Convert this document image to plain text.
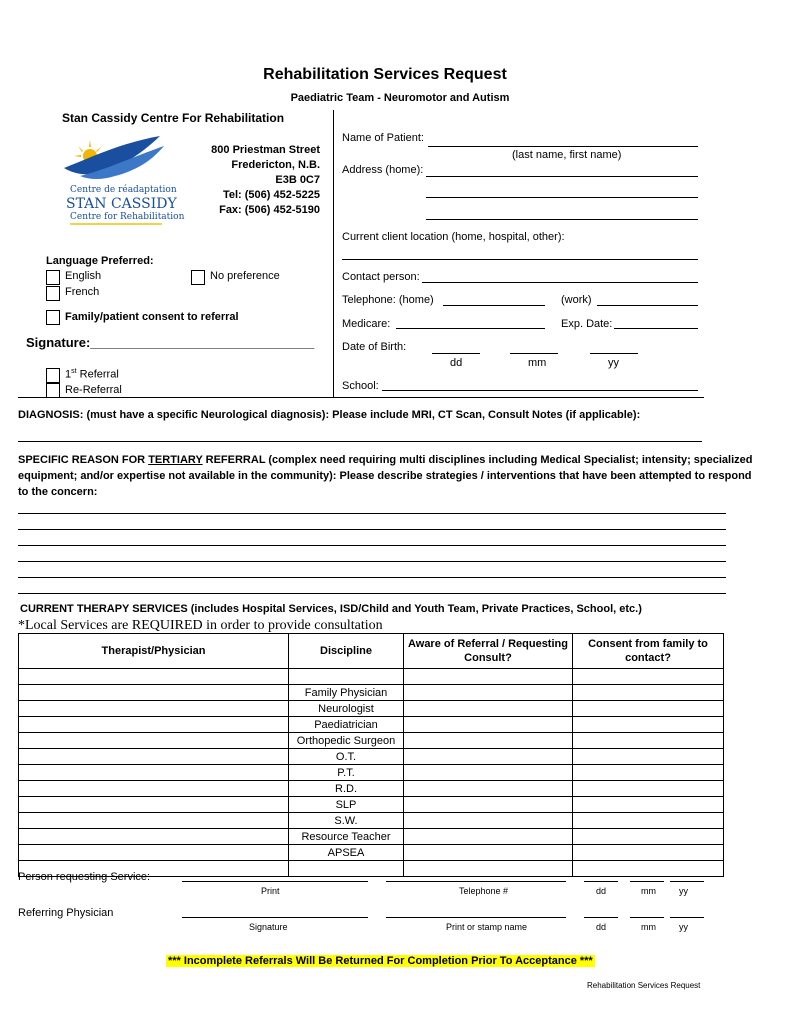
Rehabilitation Services Request
Paediatric Team - Neuromotor and Autism
Stan Cassidy Centre For Rehabilitation
Centre de réadaptation
STAN CASSIDY
Centre for Rehabilitation
800 Priestman Street
Fredericton, N.B.
E3B 0C7
Tel: (506) 452-5225
Fax: (506) 452-5190
Name of Patient:
(last name, first name)
Address (home):
Current client location (home, hospital, other):
Contact person:
Telephone: (home)	(work)
Medicare:	Exp. Date:
Date of Birth:
dd	mm	yy
School:
Language Preferred:
English
French
No preference
Family/patient consent to referral
Signature:_______________________________
1st Referral
Re-Referral
DIAGNOSIS: (must have a specific Neurological diagnosis): Please include MRI, CT Scan, Consult Notes (if applicable):
SPECIFIC REASON FOR TERTIARY REFERRAL (complex need requiring multi disciplines including Medical Specialist; intensity; specialized equipment; and/or expertise not available in the community): Please describe strategies / interventions that have been attempted to respond to the concern:
CURRENT THERAPY SERVICES (includes Hospital Services, ISD/Child and Youth Team, Private Practices, School, etc.)
*Local Services are REQUIRED in order to provide consultation
Therapist/Physician	Discipline	Aware of Referral / Requesting Consult?	Consent from family to contact?

	Family Physician		
	Neurologist		
	Paediatrician		
	Orthopedic Surgeon		
	O.T.		
	P.T.		
	R.D.		
	SLP		
	S.W.		
	Resource Teacher		
	APSEA		

Person requesting Service:
Print	Telephone #	dd	mm	yy
Referring Physician
Signature	Print or stamp name	dd	mm	yy
*** Incomplete Referrals Will Be Returned For Completion Prior To Acceptance ***
Rehabilitation Services Request
